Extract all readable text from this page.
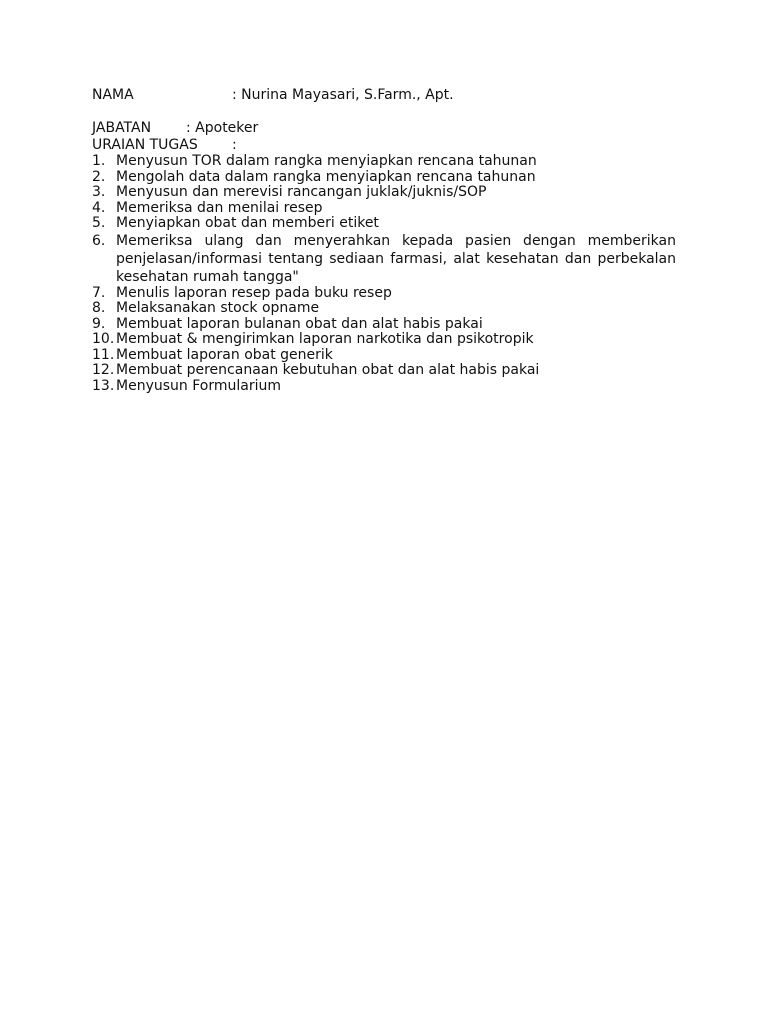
NAMA	: Nurina Mayasari, S.Farm., Apt.
JABATAN : Apoteker
URAIAN TUGAS :
1. Menyusun TOR dalam rangka menyiapkan rencana tahunan
2. Mengolah data dalam rangka menyiapkan rencana tahunan
3. Menyusun dan merevisi rancangan juklak/juknis/SOP
4. Memeriksa dan menilai resep
5. Menyiapkan obat dan memberi etiket
6. Memeriksa ulang dan menyerahkan kepada pasien dengan memberikan penjelasan/informasi tentang sediaan farmasi, alat kesehatan dan perbekalan kesehatan rumah tangga"
7. Menulis laporan resep pada buku resep
8. Melaksanakan stock opname
9. Membuat laporan bulanan obat dan alat habis pakai
10. Membuat & mengirimkan laporan narkotika dan psikotropik
11. Membuat laporan obat generik
12. Membuat perencanaan kebutuhan obat dan alat habis pakai
13. Menyusun Formularium
